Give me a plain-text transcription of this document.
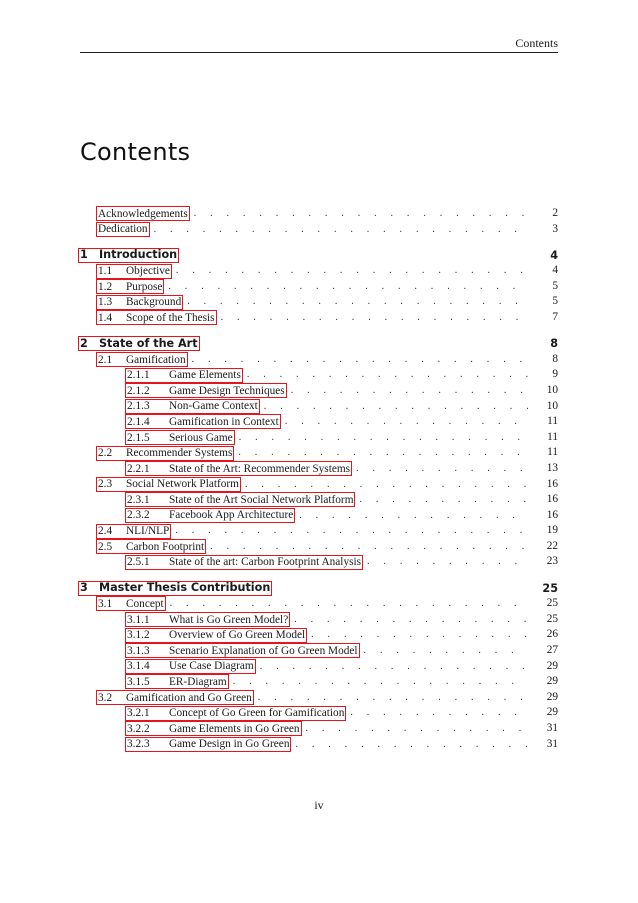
Contents
Contents
Acknowledgements . . .	2
Dedication . . .	3
1	Introduction	4
1.1	Objective . . .	4
1.2	Purpose . . .	5
1.3	Background . . .	5
1.4	Scope of the Thesis . . .	7
2	State of the Art	8
2.1	Gamification . . .	8
2.1.1	Game Elements . . .	9
2.1.2	Game Design Techniques . . .	10
2.1.3	Non-Game Context . . .	10
2.1.4	Gamification in Context . . .	11
2.1.5	Serious Game . . .	11
2.2	Recommender Systems . . .	11
2.2.1	State of the Art: Recommender Systems . . .	13
2.3	Social Network Platform . . .	16
2.3.1	State of the Art Social Network Platform . . .	16
2.3.2	Facebook App Architecture . . .	16
2.4	NLI/NLP . . .	19
2.5	Carbon Footprint . . .	22
2.5.1	State of the art: Carbon Footprint Analysis . . .	23
3	Master Thesis Contribution	25
3.1	Concept . . .	25
3.1.1	What is Go Green Model? . . .	25
3.1.2	Overview of Go Green Model . . .	26
3.1.3	Scenario Explanation of Go Green Model . . .	27
3.1.4	Use Case Diagram . . .	29
3.1.5	ER-Diagram . . .	29
3.2	Gamification and Go Green . . .	29
3.2.1	Concept of Go Green for Gamification . . .	29
3.2.2	Game Elements in Go Green . . .	31
3.2.3	Game Design in Go Green . . .	31
iv
